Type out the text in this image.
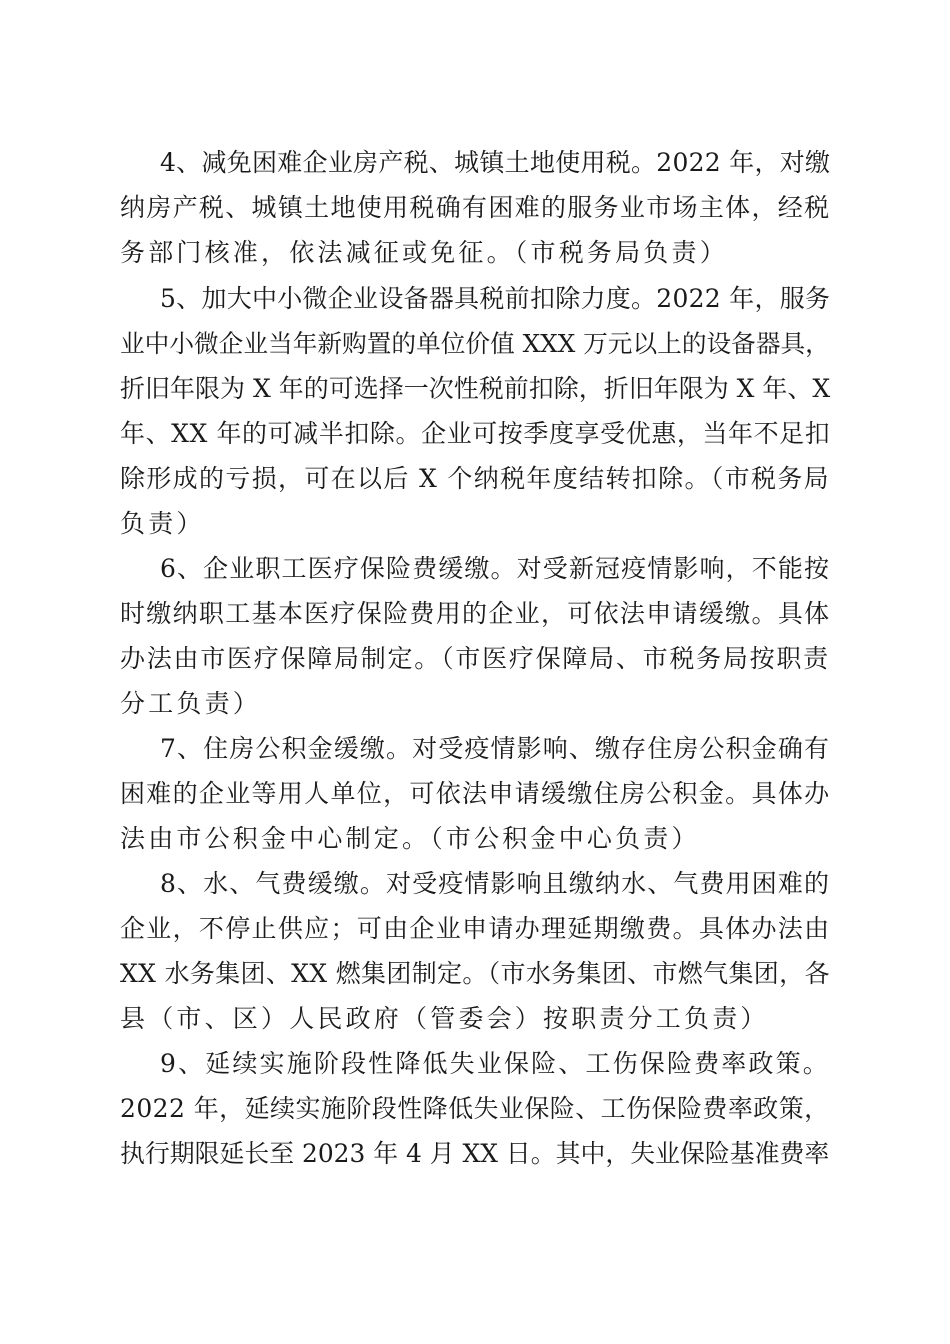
4、减免困难企业房产税、城镇土地使用税。2022 年，对缴
纳房产税、城镇土地使用税确有困难的服务业市场主体，经税
务部门核准，依法减征或免征。（市税务局负责）
5、加大中小微企业设备器具税前扣除力度。2022 年，服务
业中小微企业当年新购置的单位价值 XXX 万元以上的设备器具，
折旧年限为 X 年的可选择一次性税前扣除，折旧年限为 X 年、X
年、XX 年的可减半扣除。企业可按季度享受优惠，当年不足扣
除形成的亏损，可在以后 X 个纳税年度结转扣除。（市税务局
负责）
6、企业职工医疗保险费缓缴。对受新冠疫情影响，不能按
时缴纳职工基本医疗保险费用的企业，可依法申请缓缴。具体
办法由市医疗保障局制定。（市医疗保障局、市税务局按职责
分工负责）
7、住房公积金缓缴。对受疫情影响、缴存住房公积金确有
困难的企业等用人单位，可依法申请缓缴住房公积金。具体办
法由市公积金中心制定。（市公积金中心负责）
8、水、气费缓缴。对受疫情影响且缴纳水、气费用困难的
企业，不停止供应；可由企业申请办理延期缴费。具体办法由
XX 水务集团、XX 燃集团制定。（市水务集团、市燃气集团，各
县（市、区）人民政府（管委会）按职责分工负责）
9、延续实施阶段性降低失业保险、工伤保险费率政策。
2022 年，延续实施阶段性降低失业保险、工伤保险费率政策，
执行期限延长至 2023 年 4 月 XX 日。其中，失业保险基准费率
